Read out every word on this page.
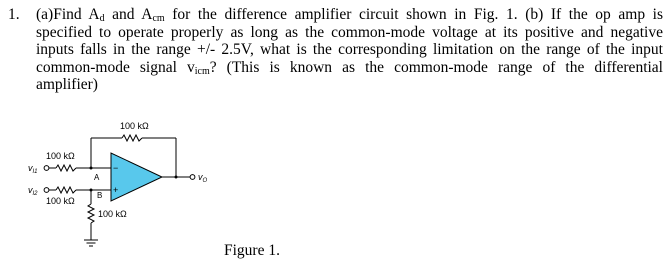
1. (a)Find $A_d$ and $A_{cm}$ for the difference amplifier circuit shown in Fig. 1. (b) If the op amp is
specified to operate properly as long as the common-mode voltage at its positive and negative
inputs falls in the range +/- 2.5V, what is the corresponding limitation on the range of the input
common-mode signal $v_{icm}$? (This is known as the common-mode range of the differential
amplifier)
−
+
100 kΩ
100 kΩ
100 kΩ
100 kΩ
A
B
$v_{I1}$
$v_{I2}$
$v_O$
Figure 1.
